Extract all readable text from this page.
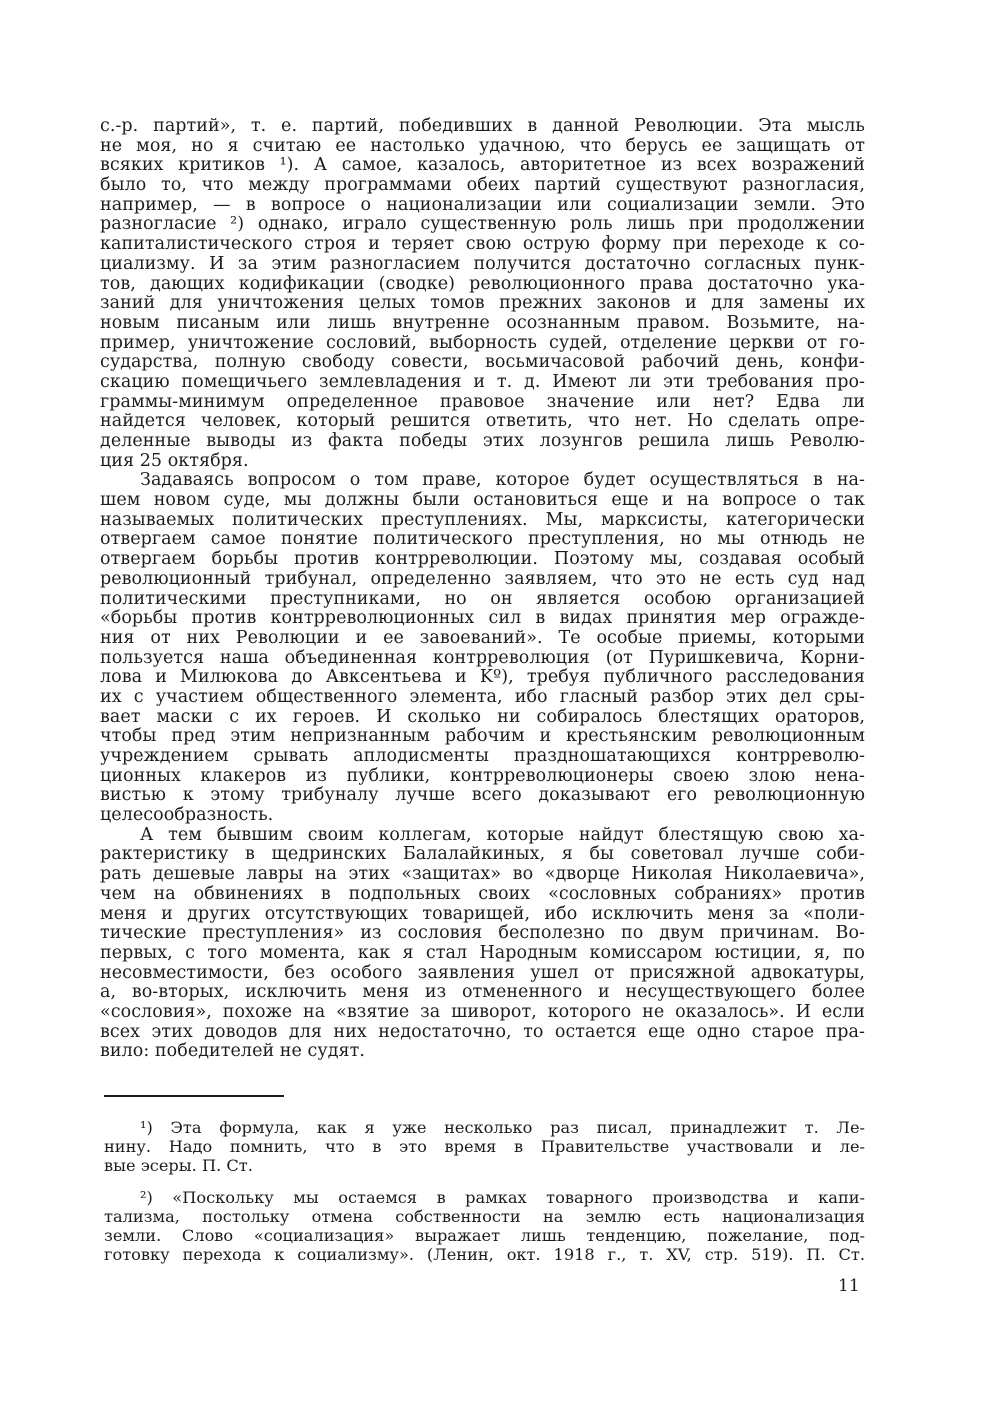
с.-р. партий», т. е. партий, победивших в данной Революции. Эта мысль
не моя, но я считаю ее настолько удачною, что берусь ее защищать от
всяких критиков ¹). А самое, казалось, авторитетное из всех возражений
было то, что между программами обеих партий существуют разногласия,
например, — в вопросе о национализации или социализации земли. Это
разногласие ²) однако, играло существенную роль лишь при продолжении
капиталистического строя и теряет свою острую форму при переходе к со-
циализму. И за этим разногласием получится достаточно согласных пунк-
тов, дающих кодификации (сводке) революционного права достаточно ука-
заний для уничтожения целых томов прежних законов и для замены их
новым писаным или лишь внутренне осознанным правом. Возьмите, на-
пример, уничтожение сословий, выборность судей, отделение церкви от го-
сударства, полную свободу совести, восьмичасовой рабочий день, конфи-
скацию помещичьего землевладения и т. д. Имеют ли эти требования про-
граммы-минимум определенное правовое значение или нет? Едва ли
найдется человек, который решится ответить, что нет. Но сделать опре-
деленные выводы из факта победы этих лозунгов решила лишь Револю-
ция 25 октября.
Задаваясь вопросом о том праве, которое будет осуществляться в на-
шем новом суде, мы должны были остановиться еще и на вопросе о так
называемых политических преступлениях. Мы, марксисты, категорически
отвергаем самое понятие политического преступления, но мы отнюдь не
отвергаем борьбы против контрреволюции. Поэтому мы, создавая особый
революционный трибунал, определенно заявляем, что это не есть суд над
политическими преступниками, но он является особою организацией
«борьбы против контрреволюционных сил в видах принятия мер огражде-
ния от них Революции и ее завоеваний». Те особые приемы, которыми
пользуется наша объединенная контрреволюция (от Пуришкевича, Корни-
лова и Милюкова до Авксентьева и Kº), требуя публичного расследования
их с участием общественного элемента, ибо гласный разбор этих дел сры-
вает маски с их героев. И сколько ни собиралось блестящих ораторов,
чтобы пред этим непризнанным рабочим и крестьянским революционным
учреждением срывать аплодисменты праздношатающихся контрреволю-
ционных клакеров из публики, контрреволюционеры своею злою нена-
вистью к этому трибуналу лучше всего доказывают его революционную
целесообразность.
А тем бывшим своим коллегам, которые найдут блестящую свою ха-
рактеристику в щедринских Балалайкиных, я бы советовал лучше соби-
рать дешевые лавры на этих «защитах» во «дворце Николая Николаевича»,
чем на обвинениях в подпольных своих «сословных собраниях» против
меня и других отсутствующих товарищей, ибо исключить меня за «поли-
тические преступления» из сословия бесполезно по двум причинам. Во-
первых, с того момента, как я стал Народным комиссаром юстиции, я, по
несовместимости, без особого заявления ушел от присяжной адвокатуры,
а, во-вторых, исключить меня из отмененного и несуществующего более
«сословия», похоже на «взятие за шиворот, которого не оказалось». И если
всех этих доводов для них недостаточно, то остается еще одно старое пра-
вило: победителей не судят.
¹) Эта формула, как я уже несколько раз писал, принадлежит т. Ле-
нину. Надо помнить, что в это время в Правительстве участвовали и ле-
вые эсеры. П. Ст.
²) «Поскольку мы остаемся в рамках товарного производства и капи-
тализма, постольку отмена собственности на землю есть национализация
земли. Слово «социализация» выражает лишь тенденцию, пожелание, под-
готовку перехода к социализму». (Ленин, окт. 1918 г., т. XV, стр. 519). П. Ст.
11
